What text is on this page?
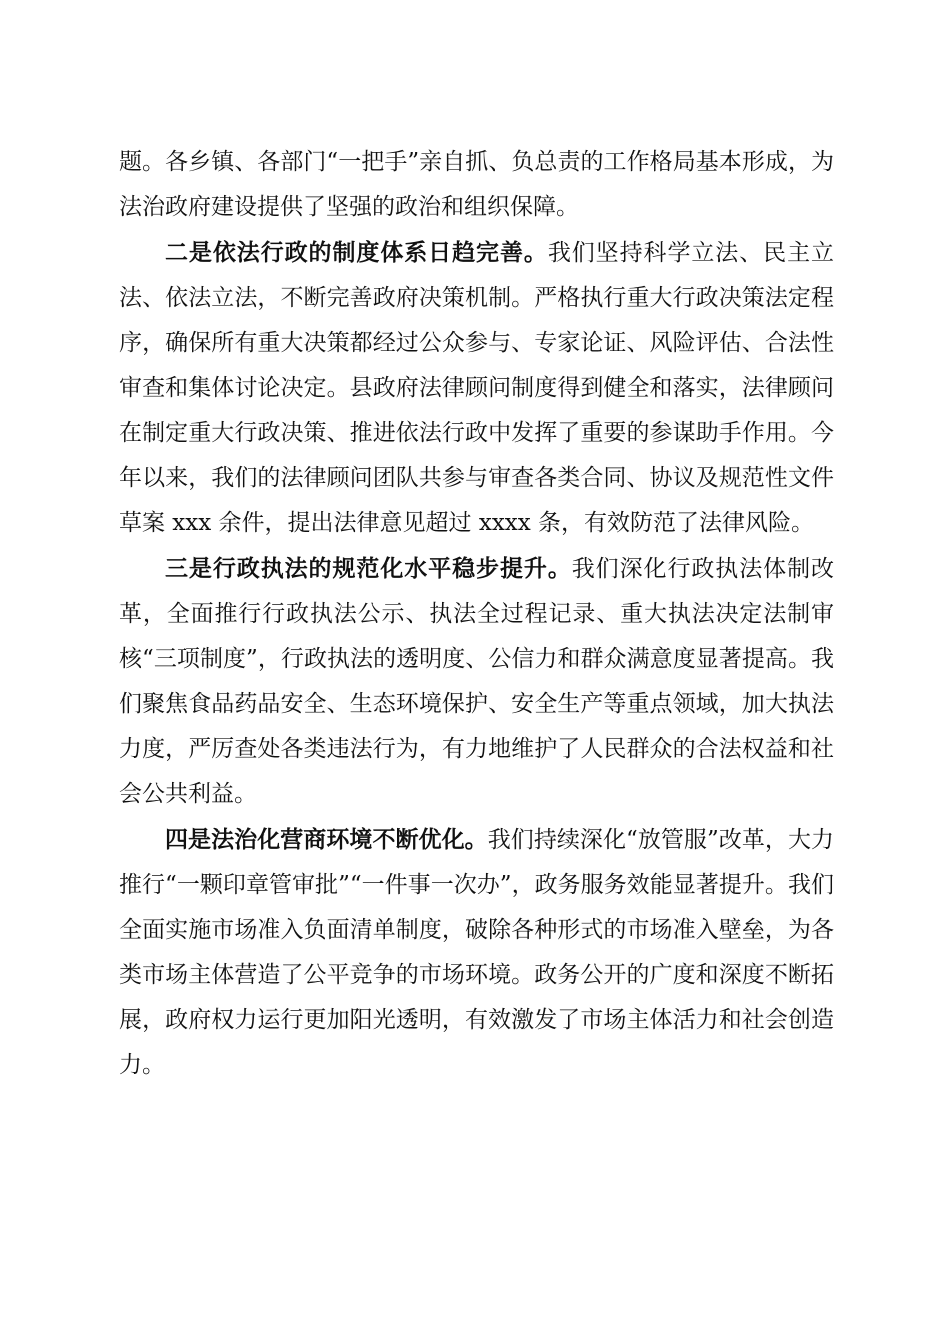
题。各乡镇、各部门“一把手”亲自抓、负总责的工作格局基本形成，为法治政府建设提供了坚强的政治和组织保障。

二是依法行政的制度体系日趋完善。我们坚持科学立法、民主立法、依法立法，不断完善政府决策机制。严格执行重大行政决策法定程序，确保所有重大决策都经过公众参与、专家论证、风险评估、合法性审查和集体讨论决定。县政府法律顾问制度得到健全和落实，法律顾问在制定重大行政决策、推进依法行政中发挥了重要的参谋助手作用。今年以来，我们的法律顾问团队共参与审查各类合同、协议及规范性文件草案 xxx 余件，提出法律意见超过 xxxx 条，有效防范了法律风险。

三是行政执法的规范化水平稳步提升。我们深化行政执法体制改革，全面推行行政执法公示、执法全过程记录、重大执法决定法制审核“三项制度”，行政执法的透明度、公信力和群众满意度显著提高。我们聚焦食品药品安全、生态环境保护、安全生产等重点领域，加大执法力度，严厉查处各类违法行为，有力地维护了人民群众的合法权益和社会公共利益。

四是法治化营商环境不断优化。我们持续深化“放管服”改革，大力推行“一颗印章管审批”“一件事一次办”，政务服务效能显著提升。我们全面实施市场准入负面清单制度，破除各种形式的市场准入壁垒，为各类市场主体营造了公平竞争的市场环境。政务公开的广度和深度不断拓展，政府权力运行更加阳光透明，有效激发了市场主体活力和社会创造力。
